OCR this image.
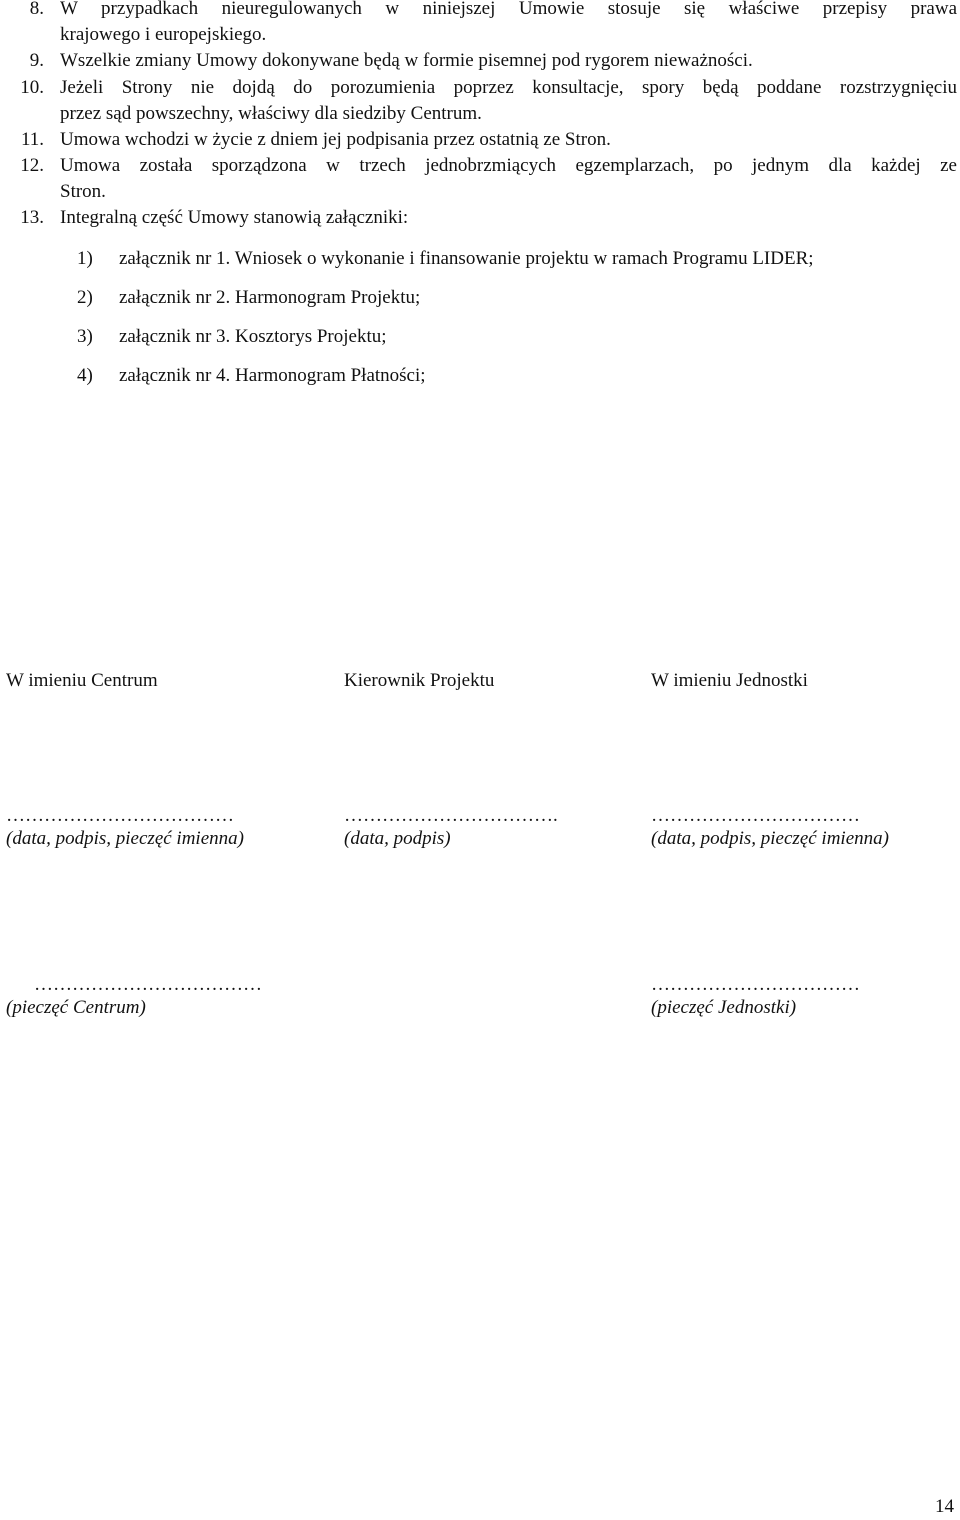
8. W przypadkach nieuregulowanych w niniejszej Umowie stosuje się właściwe przepisy prawa
krajowego i europejskiego.
9. Wszelkie zmiany Umowy dokonywane będą w formie pisemnej pod rygorem nieważności.
10. Jeżeli Strony nie dojdą do porozumienia poprzez konsultacje, spory będą poddane rozstrzygnięciu
przez sąd powszechny, właściwy dla siedziby Centrum.
11. Umowa wchodzi w życie z dniem jej podpisania przez ostatnią ze Stron.
12. Umowa została sporządzona w trzech jednobrzmiących egzemplarzach, po jednym dla każdej ze
Stron.
13. Integralną część Umowy stanowią załączniki:
1) załącznik nr 1. Wniosek o wykonanie i finansowanie projektu w ramach Programu LIDER;
2) załącznik nr 2. Harmonogram Projektu;
3) załącznik nr 3. Kosztorys Projektu;
4) załącznik nr 4. Harmonogram Płatności;
W imieniu Centrum	Kierownik Projektu	W imieniu Jednostki
………………………………	…………………………….	……………………………
(data, podpis, pieczęć imienna)	(data, podpis)	(data, podpis, pieczęć imienna)
………………………………	……………………………
(pieczęć Centrum)	(pieczęć Jednostki)
14
